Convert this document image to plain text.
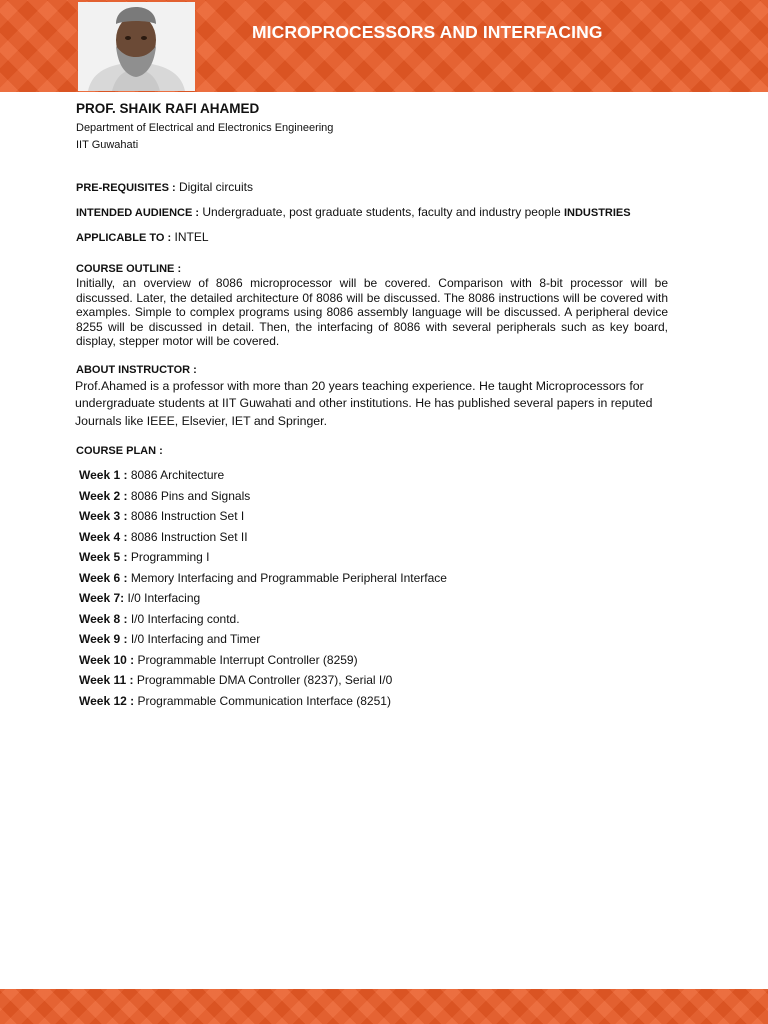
MICROPROCESSORS AND INTERFACING
PROF. SHAIK RAFI AHAMED
Department of Electrical and Electronics Engineering
IIT Guwahati
PRE-REQUISITES : Digital circuits
INTENDED AUDIENCE : Undergraduate, post graduate students, faculty and industry people INDUSTRIES
APPLICABLE TO : INTEL
COURSE OUTLINE :

Initially, an overview of 8086 microprocessor will be covered. Comparison with 8-bit processor will be discussed. Later, the detailed architecture 0f 8086 will be discussed. The 8086 instructions will be covered with examples. Simple to complex programs using 8086 assembly language will be discussed. A peripheral device 8255 will be discussed in detail. Then, the interfacing of 8086 with several peripherals such as key board, display, stepper motor will be covered.

ABOUT INSTRUCTOR :

Prof.Ahamed is a professor with more than 20 years teaching experience. He taught Microprocessors for undergraduate students at IIT Guwahati and other institutions. He has published several papers in reputed Journals like IEEE, Elsevier, IET and Springer.

COURSE PLAN :
Week 1 : 8086 Architecture
Week 2 : 8086 Pins and Signals
Week 3 : 8086 Instruction Set I
Week 4 : 8086 Instruction Set II
Week 5 : Programming I
Week 6 : Memory Interfacing and Programmable Peripheral Interface
Week 7: I/0 Interfacing
Week 8 : I/0 Interfacing contd.
Week 9 : I/0 Interfacing and Timer
Week 10 : Programmable Interrupt Controller (8259)
Week 11 : Programmable DMA Controller (8237), Serial I/0
Week 12 : Programmable Communication Interface (8251)
